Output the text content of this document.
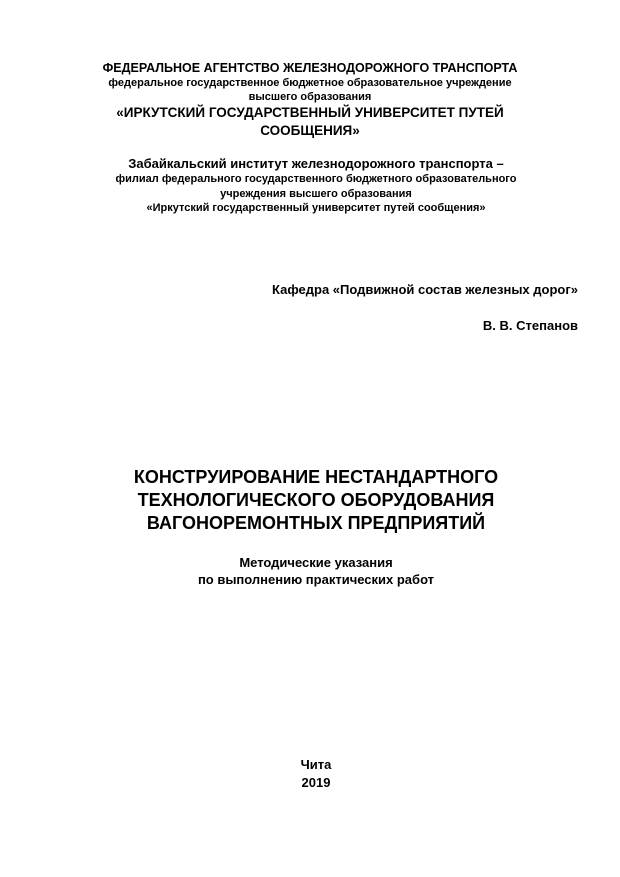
ФЕДЕРАЛЬНОЕ АГЕНТСТВО ЖЕЛЕЗНОДОРОЖНОГО ТРАНСПОРТА
федеральное государственное бюджетное образовательное учреждение
высшего образования
«ИРКУТСКИЙ ГОСУДАРСТВЕННЫЙ УНИВЕРСИТЕТ ПУТЕЙ
СООБЩЕНИЯ»
Забайкальский институт железнодорожного транспорта –
филиал федерального государственного бюджетного образовательного
учреждения высшего образования
«Иркутский государственный университет путей сообщения»
Кафедра «Подвижной состав железных дорог»
В. В. Степанов
КОНСТРУИРОВАНИЕ НЕСТАНДАРТНОГО
ТЕХНОЛОГИЧЕСКОГО ОБОРУДОВАНИЯ
ВАГОНОРЕМОНТНЫХ ПРЕДПРИЯТИЙ
Методические указания
по выполнению практических работ
Чита
2019
